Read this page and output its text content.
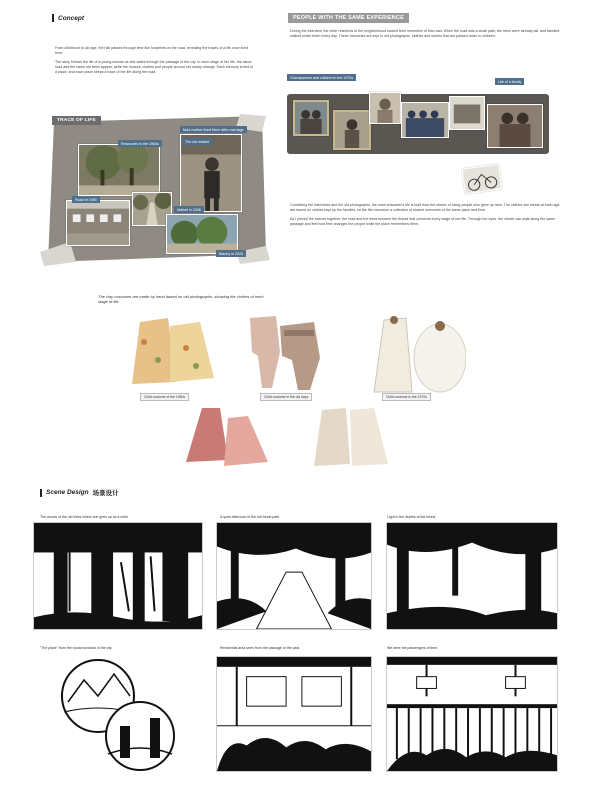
Concept

From childhood to old age, the hall passes through time like footprints on the road, revealing the traces of a life once lived here.

The story follows the life of a young woman as she walks through the passage of the city. In each stage of her life, the same road and the same old trees appear, while the houses, clothes and people around her slowly change. Each memory is tied to a place, and each place keeps a trace of her life along the road.

TRACE OF LIFE
Resources in the 1960s
Ma's mother lived there after marriage
The old market
Road of 1980
Market in 2006
Bakery in 2023
PEOPLE WITH THE SAME EXPERIENCE
During the interview, the older residents of the neighborhood shared their memories of this road. When the road was a small path, the trees were already tall, and families walked under them every day. These memories are kept in old photographs, clothes and stories that are passed down to children.
Grandparents and children in the 1970s
Life of a family

Combining the interviews and the old photographs, the main character's life is built from the stories of many people who grew up here. The clothes she wears at each age are based on clothes kept by the families, so the film becomes a collection of shared memories of the same place and time.

As I pieced the scenes together, the road and the trees became the thread that connects every stage of her life. Through her eyes, the viewer can walk along the same passage and feel how time changes the people while the place remembers them.

The clay costumes are made by hand based on old photographs, showing the clothes of each stage of life.
Child costume of the 1960s	Child costume in the old days	Child costume in the 1970s
Scene Design 场景设计
The woods of the old trees where she grew up as a child.	A quiet afternoon in the old forest path.	Light in the depths of the forest.
"The place" from the round windows in the city.	Residential area seen from the passage of the past.	We were the passengers of time.
